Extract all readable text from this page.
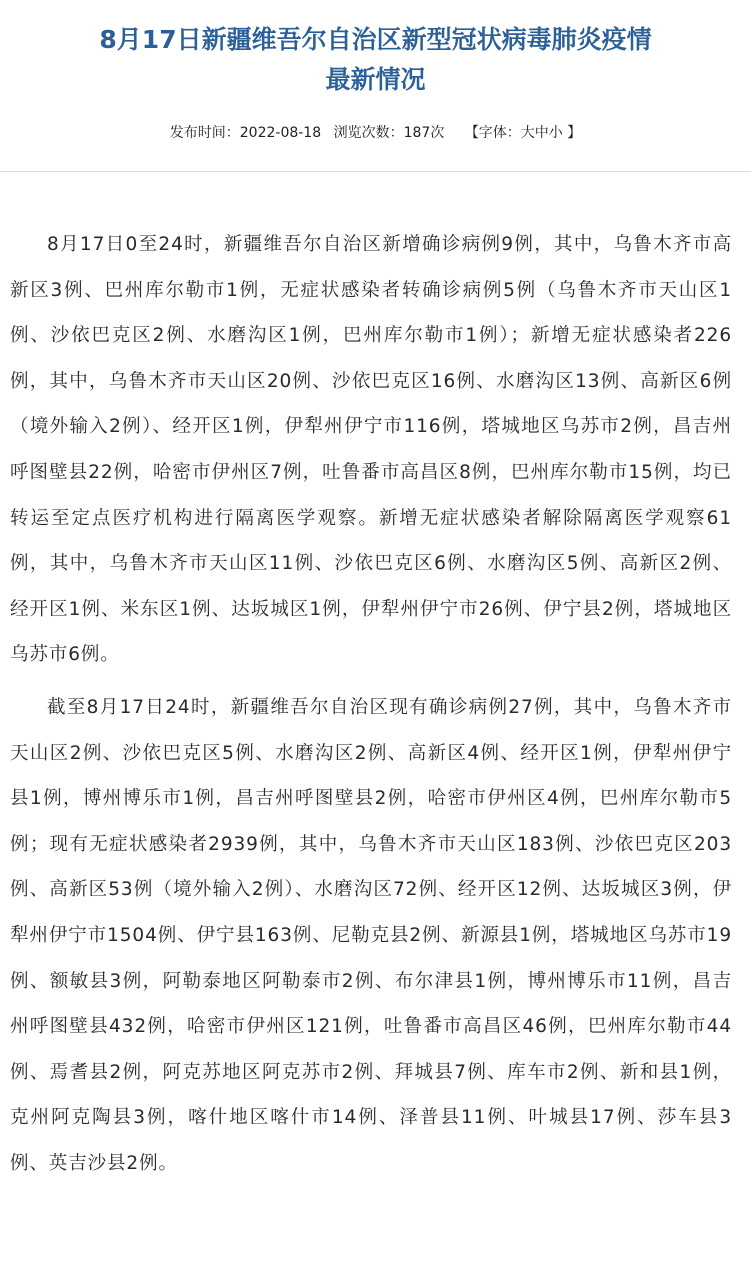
8月17日新疆维吾尔自治区新型冠状病毒肺炎疫情
最新情况
发布时间：2022-08-18 浏览次数：187次 【字体：大中小 】

8月17日0至24时，新疆维吾尔自治区新增确诊病例9例，其中，乌鲁木齐市高新区3例、巴州库尔勒市1例，无症状感染者转确诊病例5例（乌鲁木齐市天山区1例、沙依巴克区2例、水磨沟区1例，巴州库尔勒市1例）；新增无症状感染者226例，其中，乌鲁木齐市天山区20例、沙依巴克区16例、水磨沟区13例、高新区6例（境外输入2例）、经开区1例，伊犁州伊宁市116例，塔城地区乌苏市2例，昌吉州呼图壁县22例，哈密市伊州区7例，吐鲁番市高昌区8例，巴州库尔勒市15例，均已转运至定点医疗机构进行隔离医学观察。新增无症状感染者解除隔离医学观察61例，其中，乌鲁木齐市天山区11例、沙依巴克区6例、水磨沟区5例、高新区2例、经开区1例、米东区1例、达坂城区1例，伊犁州伊宁市26例、伊宁县2例，塔城地区乌苏市6例。

截至8月17日24时，新疆维吾尔自治区现有确诊病例27例，其中，乌鲁木齐市天山区2例、沙依巴克区5例、水磨沟区2例、高新区4例、经开区1例，伊犁州伊宁县1例，博州博乐市1例，昌吉州呼图壁县2例，哈密市伊州区4例，巴州库尔勒市5例；现有无症状感染者2939例，其中，乌鲁木齐市天山区183例、沙依巴克区203例、高新区53例（境外输入2例）、水磨沟区72例、经开区12例、达坂城区3例，伊犁州伊宁市1504例、伊宁县163例、尼勒克县2例、新源县1例，塔城地区乌苏市19例、额敏县3例，阿勒泰地区阿勒泰市2例、布尔津县1例，博州博乐市11例，昌吉州呼图壁县432例，哈密市伊州区121例，吐鲁番市高昌区46例，巴州库尔勒市44例、焉耆县2例，阿克苏地区阿克苏市2例、拜城县7例、库车市2例、新和县1例，克州阿克陶县3例，喀什地区喀什市14例、泽普县11例、叶城县17例、莎车县3例、英吉沙县2例。
